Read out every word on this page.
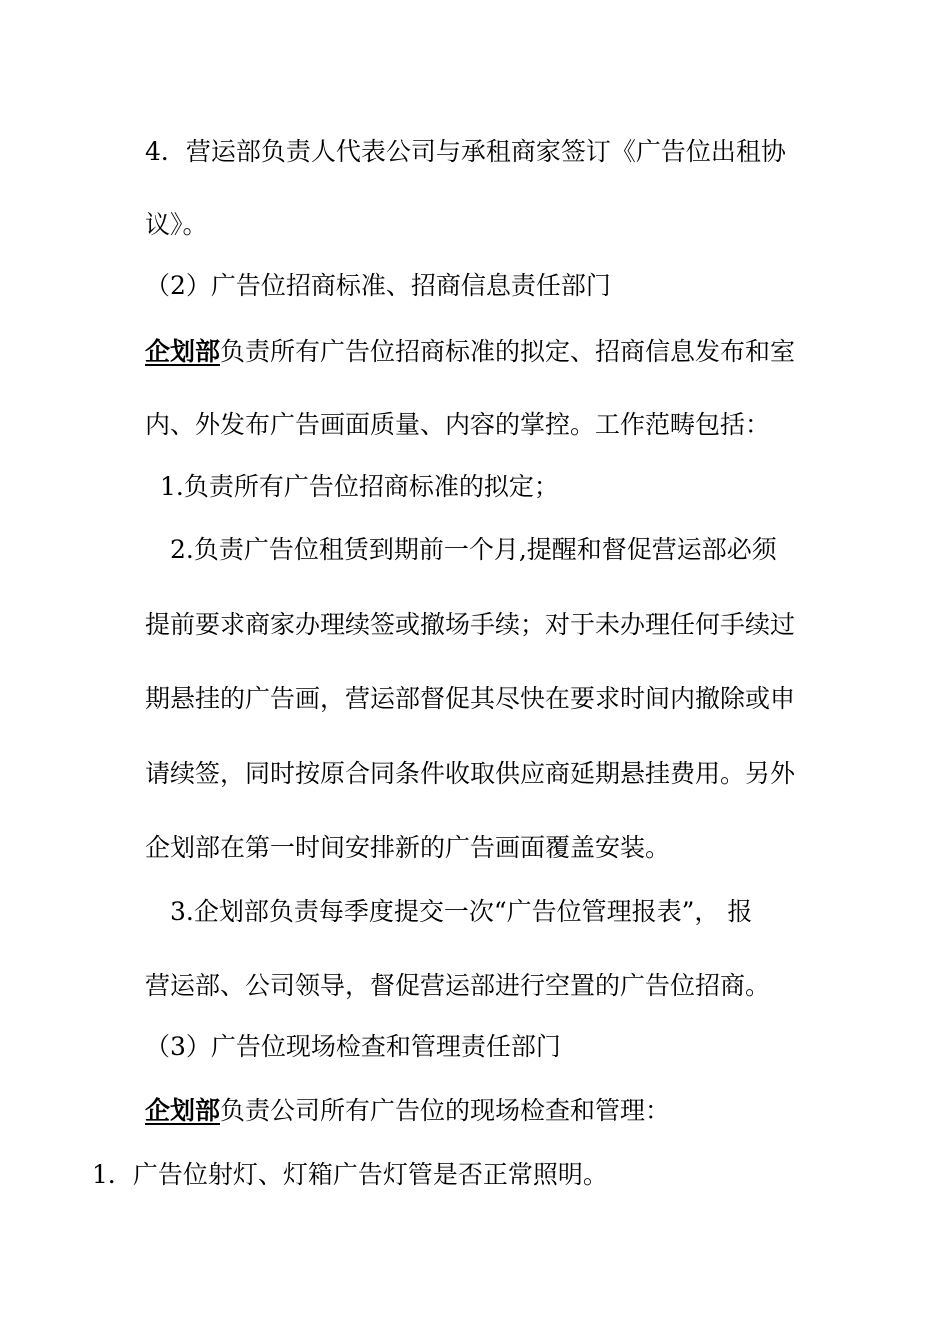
4．营运部负责人代表公司与承租商家签订《广告位出租协
议》。
（2）广告位招商标准、招商信息责任部门
企划部负责所有广告位招商标准的拟定、招商信息发布和室
内、外发布广告画面质量、内容的掌控。工作范畴包括：
1.负责所有广告位招商标准的拟定；
2.负责广告位租赁到期前一个月,提醒和督促营运部必须
提前要求商家办理续签或撤场手续；对于未办理任何手续过
期悬挂的广告画，营运部督促其尽快在要求时间内撤除或申
请续签，同时按原合同条件收取供应商延期悬挂费用。另外
企划部在第一时间安排新的广告画面覆盖安装。
3.企划部负责每季度提交一次“广告位管理报表”， 报
营运部、公司领导，督促营运部进行空置的广告位招商。
（3）广告位现场检查和管理责任部门
企划部负责公司所有广告位的现场检查和管理：
1．广告位射灯、灯箱广告灯管是否正常照明。
